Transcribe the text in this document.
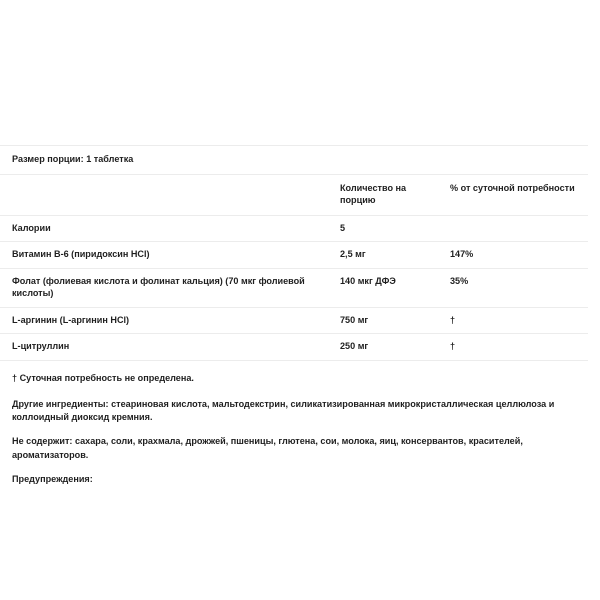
Размер порции: 1 таблетка		
	Количество на порцию	% от суточной потребности
Калории	5	
Витамин B-6 (пиридоксин HCl)	2,5 мг	147%
Фолат (фолиевая кислота и фолинат кальция) (70 мкг фолиевой кислоты)	140 мкг ДФЭ	35%
L-аргинин (L-аргинин HCl)	750 мг	†
L-цитруллин	250 мг	†
† Суточная потребность не определена.
Другие ингредиенты: стеариновая кислота, мальтодекстрин, силикатизированная микрокристаллическая целлюлоза и коллоидный диоксид кремния.
Не содержит: сахара, соли, крахмала, дрожжей, пшеницы, глютена, сои, молока, яиц, консервантов, красителей, ароматизаторов.
Предупреждения:
